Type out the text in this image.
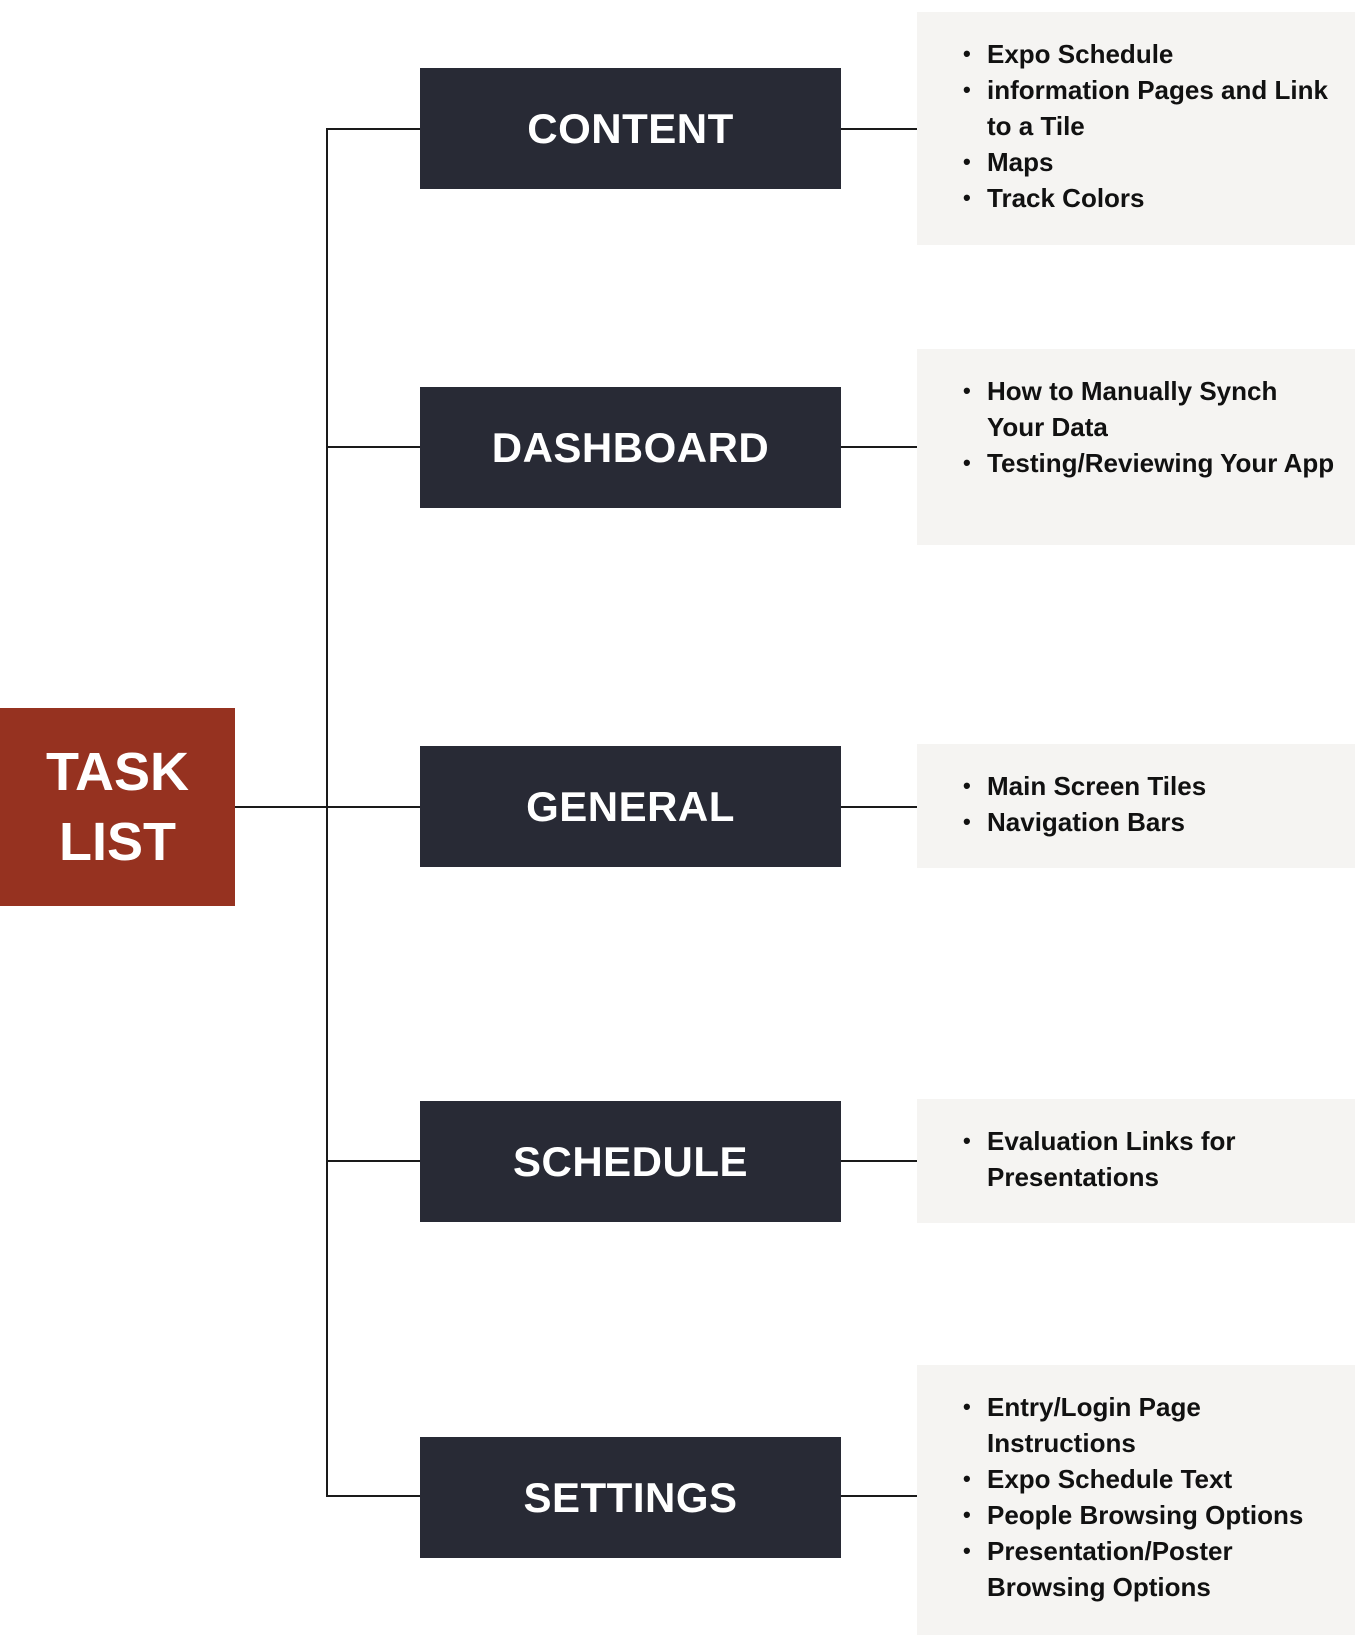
TASK
LIST
CONTENT
DASHBOARD
GENERAL
SCHEDULE
SETTINGS
• Expo Schedule
• information Pages and Link to a Tile
• Maps
• Track Colors
• How to Manually Synch Your Data
• Testing/Reviewing Your App
• Main Screen Tiles
• Navigation Bars
• Evaluation Links for Presentations
• Entry/Login Page Instructions
• Expo Schedule Text
• People Browsing Options
• Presentation/Poster Browsing Options
